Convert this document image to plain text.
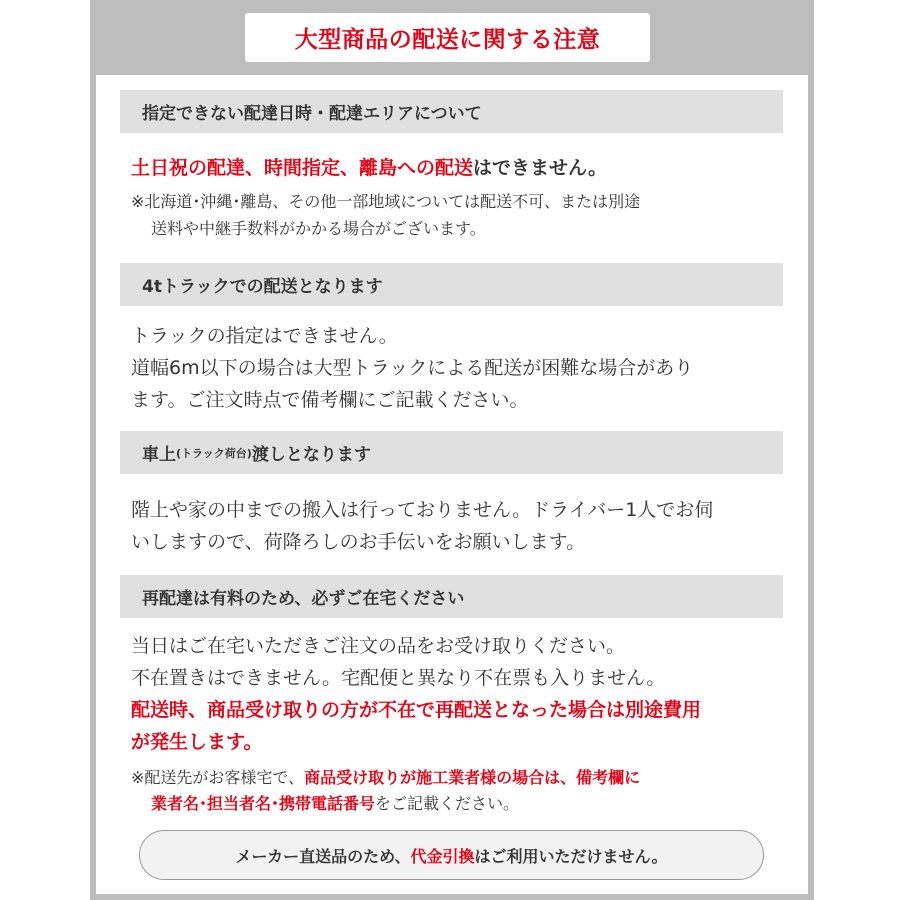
大型商品の配送に関する注意
指定できない配達日時・配達エリアについて
土日祝の配達、時間指定、離島への配送はできません。
※北海道･沖縄･離島、その他一部地域については配送不可、または別途
送料や中継手数料がかかる場合がございます。
4tトラックでの配送となります
トラックの指定はできません。
道幅6m以下の場合は大型トラックによる配送が困難な場合があり
ます。ご注文時点で備考欄にご記載ください。
車上 (トラック荷台) 渡しとなります
階上や家の中までの搬入は行っておりません。ドライバー1人でお伺
いしますので、荷降ろしのお手伝いをお願いします。
再配達は有料のため、必ずご在宅ください
当日はご在宅いただきご注文の品をお受け取りください。
不在置きはできません。宅配便と異なり不在票も入りません。
配送時、商品受け取りの方が不在で再配送となった場合は別途費用
が発生します。
※配送先がお客様宅で、商品受け取りが施工業者様の場合は、備考欄に
業者名･担当者名･携帯電話番号をご記載ください。
メーカー直送品のため、 代金引換 はご利用いただけません。
